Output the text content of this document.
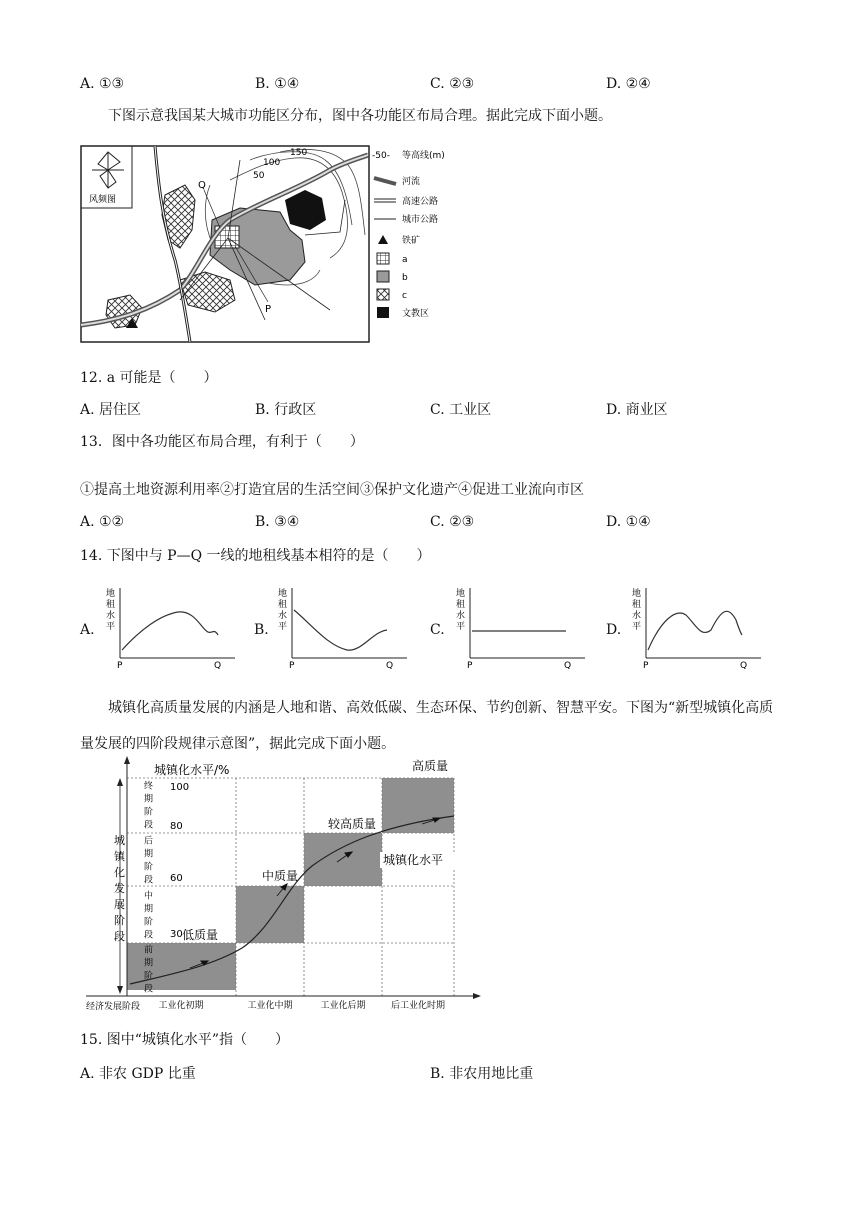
A. ①③	B. ①④	C. ②③	D. ②④
下图示意我国某大城市功能区分布，图中各功能区布局合理。据此完成下面小题。
风频图
150
100
50
Q
P
-50- 等高线(m)
河流
高速公路
城市公路
铁矿
a
b
c
文教区
12. a 可能是（　　）
A. 居住区	B. 行政区	C. 工业区	D. 商业区
13．图中各功能区布局合理，有利于（　　）
①提高土地资源利用率②打造宜居的生活空间③保护文化遗产④促进工业流向市区
A. ①②	B. ③④	C. ②③	D. ①④
14. 下图中与 P—Q 一线的地租线基本相符的是（　　）
A.
地
租
水
平
P	Q
B.
地
租
水
平
P	Q
C.
地
租
水
平
P	Q
D.
地
租
水
平
P	Q
城镇化高质量发展的内涵是人地和谐、高效低碳、生态环保、节约创新、智慧平安。下图为“新型城镇化高质量发展的四阶段规律示意图”，据此完成下面小题。
城镇化水平/%
城
镇
化
发
展
阶
段
前
期
阶
段
中
期
阶
段
后
期
阶
段
终
期
阶
段
30
60
80
100
工业化初期	工业化中期	工业化后期	后工业化时期
经济发展阶段
低质量
中质量
较高质量
高质量
城镇化水平
15. 图中“城镇化水平”指（　　）
A. 非农 GDP 比重	B. 非农用地比重
